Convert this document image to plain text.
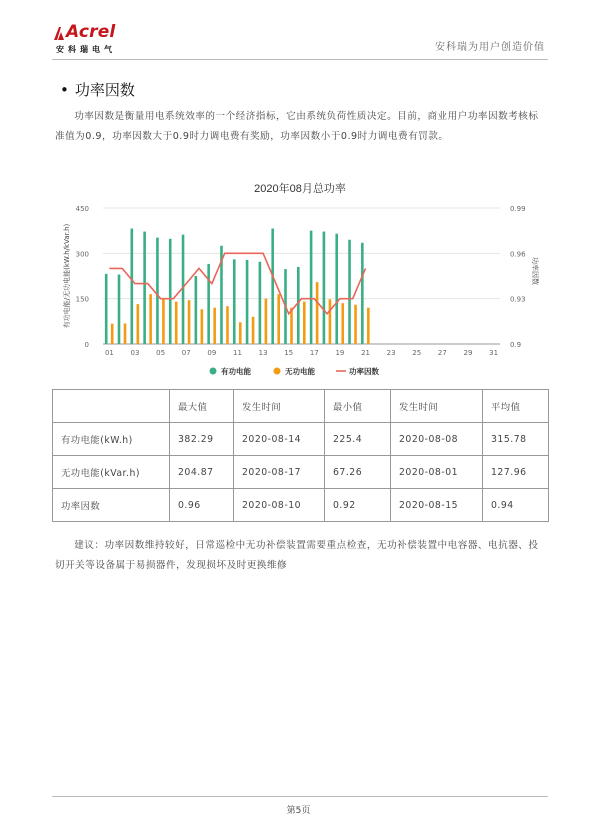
Acrel
安科瑞电气	安科瑞为用户创造价值
• 功率因数
功率因数是衡量用电系统效率的一个经济指标，它由系统负荷性质决定。目前，商业用户功率因数考核标准值为0.9，功率因数大于0.9时力调电费有奖励，功率因数小于0.9时力调电费有罚款。
2020年08月总功率
0
150
300
450
0.9
0.93
0.96
0.99
有功电能/无功电能(kW.h/kVar.h)	功率因数
01 03 05 07 09 11 13 15 17 19 21 23 25 27 29 31
有功电能	无功电能	功率因数
	最大值	发生时间	最小值	发生时间	平均值
有功电能(kW.h)	382.29	2020-08-14	225.4	2020-08-08	315.78
无功电能(kVar.h)	204.87	2020-08-17	67.26	2020-08-01	127.96
功率因数	0.96	2020-08-10	0.92	2020-08-15	0.94
建议：功率因数维持较好，日常巡检中无功补偿装置需要重点检查，无功补偿装置中电容器、电抗器、投切开关等设备属于易损器件，发现损坏及时更换维修
第5页
